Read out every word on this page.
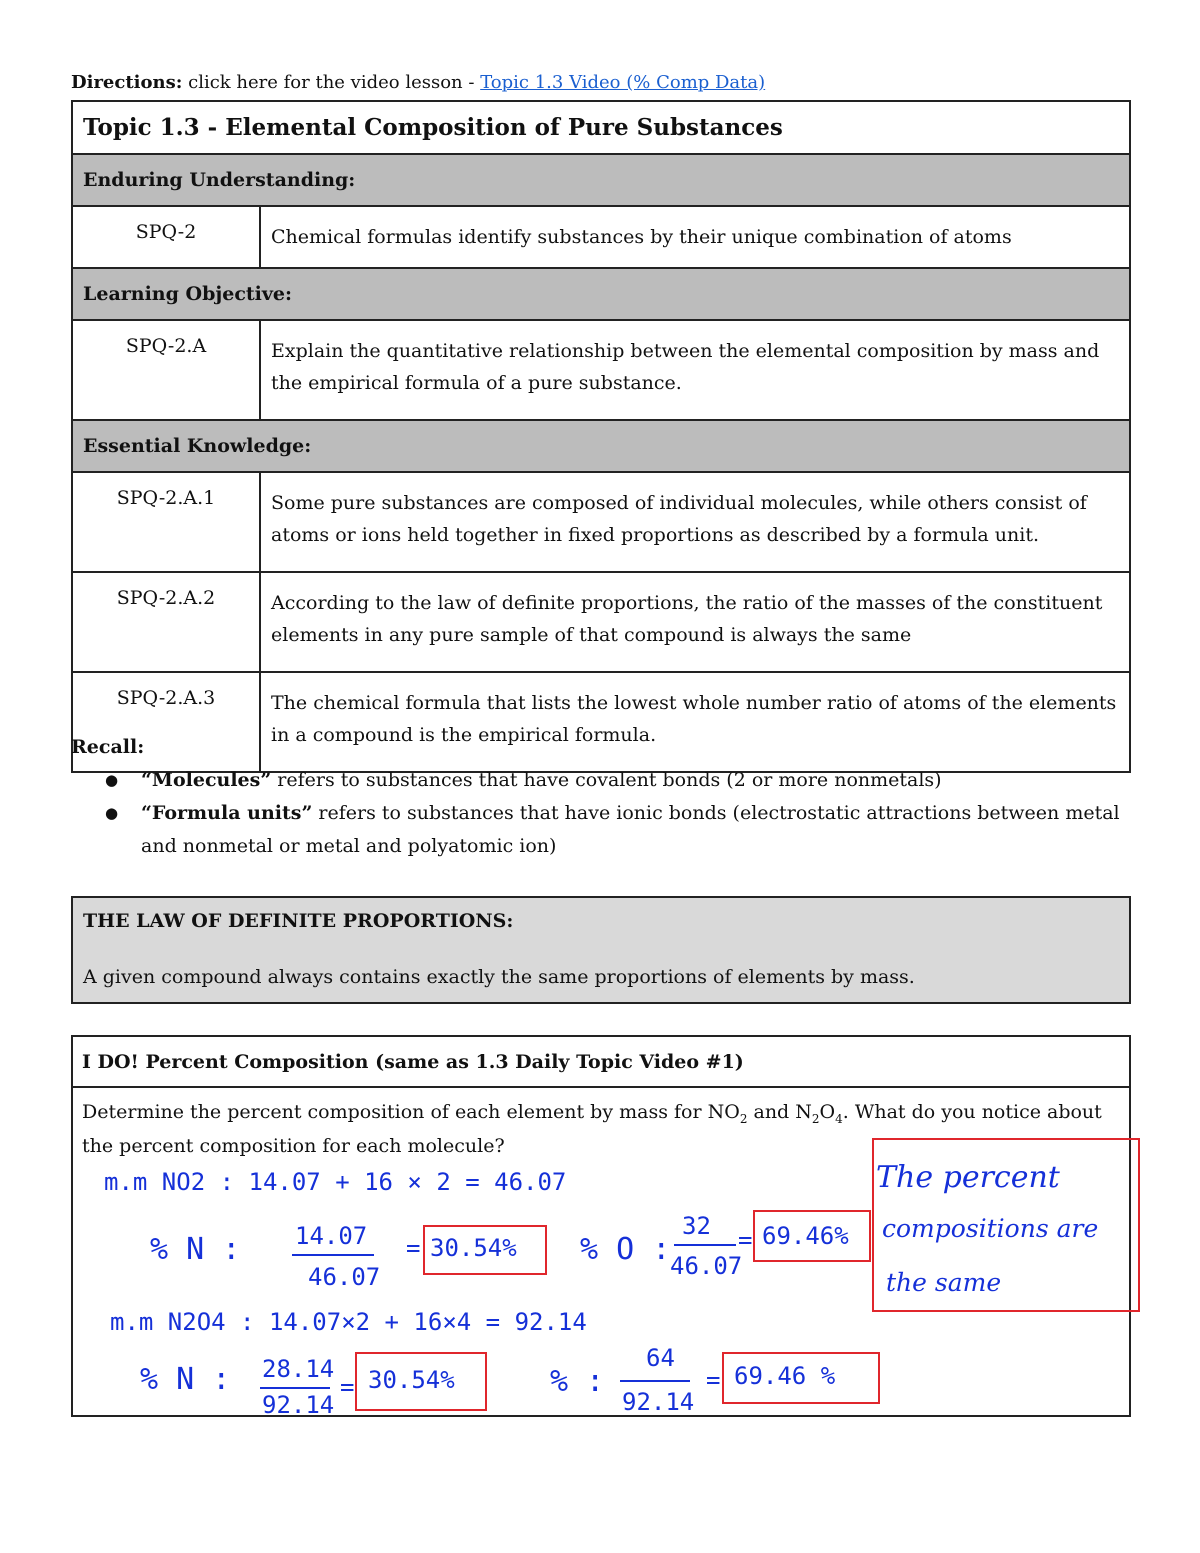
Directions: click here for the video lesson - Topic 1.3 Video (% Comp Data)
Topic 1.3 - Elemental Composition of Pure Substances	
Enduring Understanding:	
SPQ-2	Chemical formulas identify substances by their unique combination of atoms
Learning Objective:	
SPQ-2.A	Explain the quantitative relationship between the elemental composition by mass and the empirical formula of a pure substance.
Essential Knowledge:	
SPQ-2.A.1	Some pure substances are composed of individual molecules, while others consist of atoms or ions held together in fixed proportions as described by a formula unit.
SPQ-2.A.2	According to the law of definite proportions, the ratio of the masses of the constituent elements in any pure sample of that compound is always the same
SPQ-2.A.3	The chemical formula that lists the lowest whole number ratio of atoms of the elements in a compound is the empirical formula.
Recall:
● “Molecules” refers to substances that have covalent bonds (2 or more nonmetals)
● “Formula units” refers to substances that have ionic bonds (electrostatic attractions between metal and nonmetal or metal and polyatomic ion)
THE LAW OF DEFINITE PROPORTIONS:
A given compound always contains exactly the same proportions of elements by mass.
I DO! Percent Composition (same as 1.3 Daily Topic Video #1)
Determine the percent composition of each element by mass for $NO_2$ and $N_2O_4$. What do you notice about the percent composition for each molecule?
m.m NO2 : 14.07 + 16 × 2 = 46.07
% N : 14.07
46.07
= 30.54% % O :
32
46.07
= 69.46%
m.m N2O4 : 14.07×2 + 16×4 = 92.14
% N : 28.14
92.14
= 30.54%	% :
64
92.14
= 69.46 %
The percent
compositions are
the same
